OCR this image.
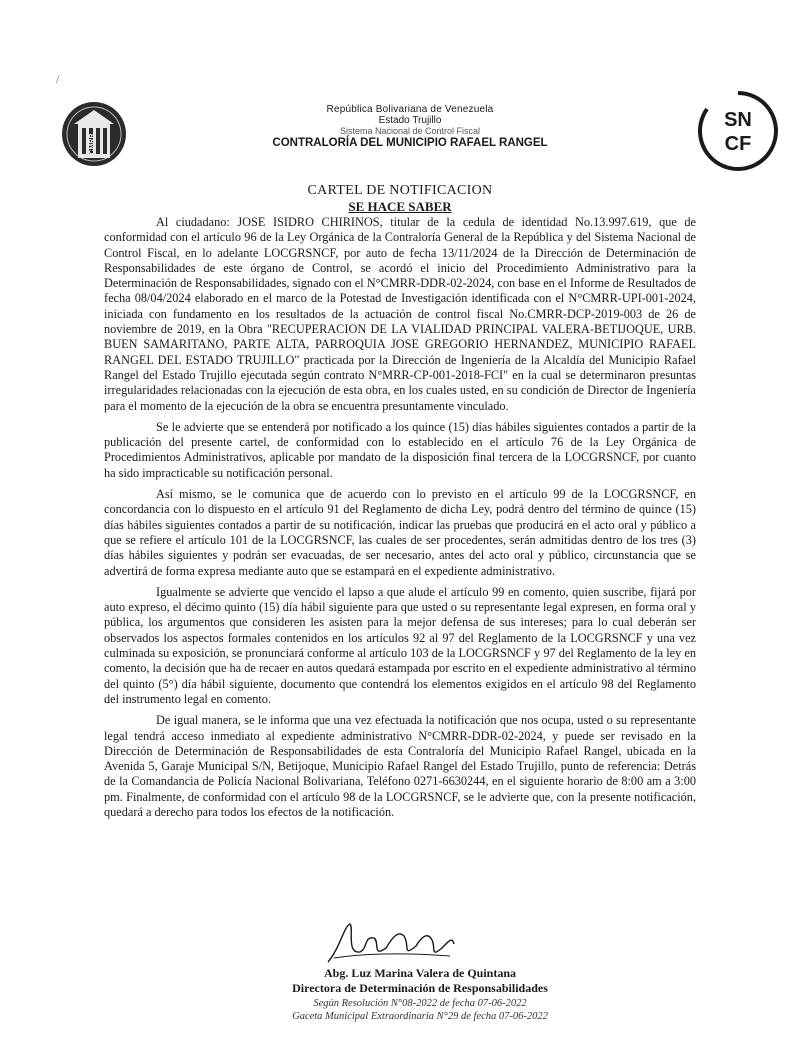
/
CMRR
SN
CF
República Bolivariana de Venezuela
Estado Trujillo
Sistema Nacional de Control Fiscal
CONTRALORÍA DEL MUNICIPIO RAFAEL RANGEL
CARTEL DE NOTIFICACION
SE HACE SABER

Al ciudadano: JOSE ISIDRO CHIRINOS, titular de la cedula de identidad No.13.997.619, que de conformidad con el artículo 96 de la Ley Orgánica de la Contraloría General de la República y del Sistema Nacional de Control Fiscal, en lo adelante LOCGRSNCF, por auto de fecha 13/11/2024 de la Dirección de Determinación de Responsabilidades de este órgano de Control, se acordó el inicio del Procedimiento Administrativo para la Determinación de Responsabilidades, signado con el N°CMRR-DDR-02-2024, con base en el Informe de Resultados de fecha 08/04/2024 elaborado en el marco de la Potestad de Investigación identificada con el N°CMRR-UPI-001-2024, iniciada con fundamento en los resultados de la actuación de control fiscal No.CMRR-DCP-2019-003 de 26 de noviembre de 2019, en la Obra "RECUPERACION DE LA VIALIDAD PRINCIPAL VALERA-BETIJOQUE, URB. BUEN SAMARITANO, PARTE ALTA, PARROQUIA JOSE GREGORIO HERNANDEZ, MUNICIPIO RAFAEL RANGEL DEL ESTADO TRUJILLO" practicada por la Dirección de Ingeniería de la Alcaldía del Municipio Rafael Rangel del Estado Trujillo ejecutada según contrato N°MRR-CP-001-2018-FCI" en la cual se determinaron presuntas irregularidades relacionadas con la ejecución de esta obra, en los cuales usted, en su condición de Director de Ingeniería para el momento de la ejecución de la obra se encuentra presuntamente vinculado.

Se le advierte que se entenderá por notificado a los quince (15) días hábiles siguientes contados a partir de la publicación del presente cartel, de conformidad con lo establecido en el artículo 76 de la Ley Orgánica de Procedimientos Administrativos, aplicable por mandato de la disposición final tercera de la LOCGRSNCF, por cuanto ha sido impracticable su notificación personal.

Así mismo, se le comunica que de acuerdo con lo previsto en el artículo 99 de la LOCGRSNCF, en concordancia con lo dispuesto en el artículo 91 del Reglamento de dicha Ley, podrá dentro del término de quince (15) días hábiles siguientes contados a partir de su notificación, indicar las pruebas que producirá en el acto oral y público a que se refiere el artículo 101 de la LOCGRSNCF, las cuales de ser procedentes, serán admitidas dentro de los tres (3) días hábiles siguientes y podrán ser evacuadas, de ser necesario, antes del acto oral y público, circunstancia que se advertirá de forma expresa mediante auto que se estampará en el expediente administrativo.

Igualmente se advierte que vencido el lapso a que alude el artículo 99 en comento, quien suscribe, fijará por auto expreso, el décimo quinto (15) día hábil siguiente para que usted o su representante legal expresen, en forma oral y pública, los argumentos que consideren les asisten para la mejor defensa de sus intereses; para lo cual deberán ser observados los aspectos formales contenidos en los artículos 92 al 97 del Reglamento de la LOCGRSNCF y una vez culminada su exposición, se pronunciará conforme al artículo 103 de la LOCGRSNCF y 97 del Reglamento de la ley en comento, la decisión que ha de recaer en autos quedará estampada por escrito en el expediente administrativo al término del quinto (5°) día hábil siguiente, documento que contendrá los elementos exigidos en el artículo 98 del Reglamento del instrumento legal en comento.

De igual manera, se le informa que una vez efectuada la notificación que nos ocupa, usted o su representante legal tendrá acceso inmediato al expediente administrativo N°CMRR-DDR-02-2024, y puede ser revisado en la Dirección de Determinación de Responsabilidades de esta Contraloría del Municipio Rafael Rangel, ubicada en la Avenida 5, Garaje Municipal S/N, Betijoque, Municipio Rafael Rangel del Estado Trujillo, punto de referencia: Detrás de la Comandancia de Policía Nacional Bolivariana, Teléfono 0271-6630244, en el siguiente horario de 8:00 am a 3:00 pm. Finalmente, de conformidad con el artículo 98 de la LOCGRSNCF, se le advierte que, con la presente notificación, quedará a derecho para todos los efectos de la notificación.

Abg. Luz Marina Valera de Quintana
Directora de Determinación de Responsabilidades
Según Resolución N°08-2022 de fecha 07-06-2022
Gaceta Municipal Extraordinaria N°29 de fecha 07-06-2022
